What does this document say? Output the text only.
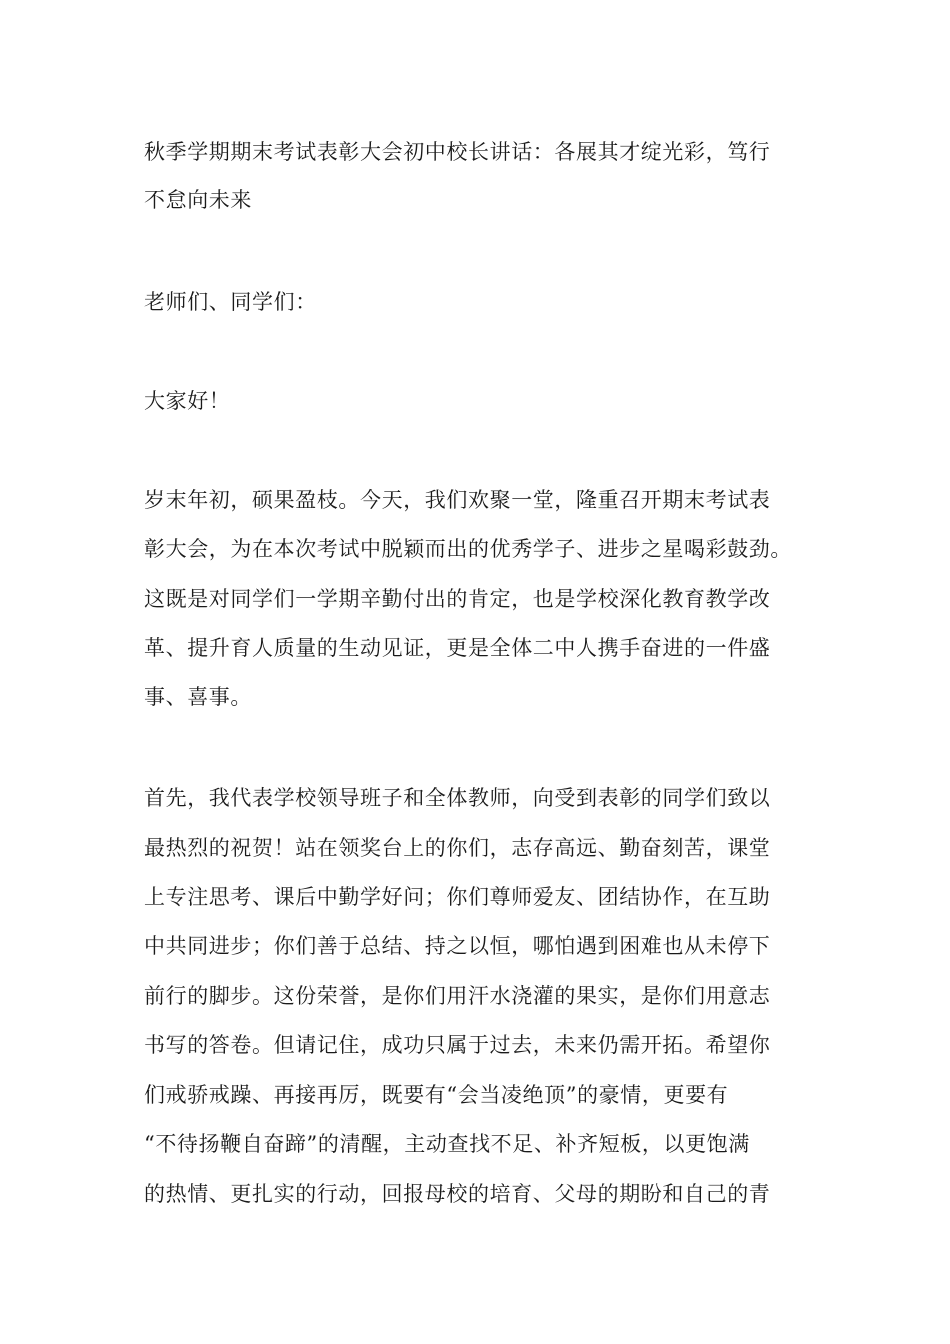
秋季学期期末考试表彰大会初中校长讲话：各展其才绽光彩，笃行
不怠向未来
老师们、同学们：
大家好！
岁末年初，硕果盈枝。今天，我们欢聚一堂，隆重召开期末考试表
彰大会，为在本次考试中脱颖而出的优秀学子、进步之星喝彩鼓劲。
这既是对同学们一学期辛勤付出的肯定，也是学校深化教育教学改
革、提升育人质量的生动见证，更是全体二中人携手奋进的一件盛
事、喜事。
首先，我代表学校领导班子和全体教师，向受到表彰的同学们致以
最热烈的祝贺！站在领奖台上的你们，志存高远、勤奋刻苦，课堂
上专注思考、课后中勤学好问；你们尊师爱友、团结协作，在互助
中共同进步；你们善于总结、持之以恒，哪怕遇到困难也从未停下
前行的脚步。这份荣誉，是你们用汗水浇灌的果实，是你们用意志
书写的答卷。但请记住，成功只属于过去，未来仍需开拓。希望你
们戒骄戒躁、再接再厉，既要有“会当凌绝顶”的豪情，更要有
“不待扬鞭自奋蹄”的清醒，主动查找不足、补齐短板，以更饱满
的热情、更扎实的行动，回报母校的培育、父母的期盼和自己的青
